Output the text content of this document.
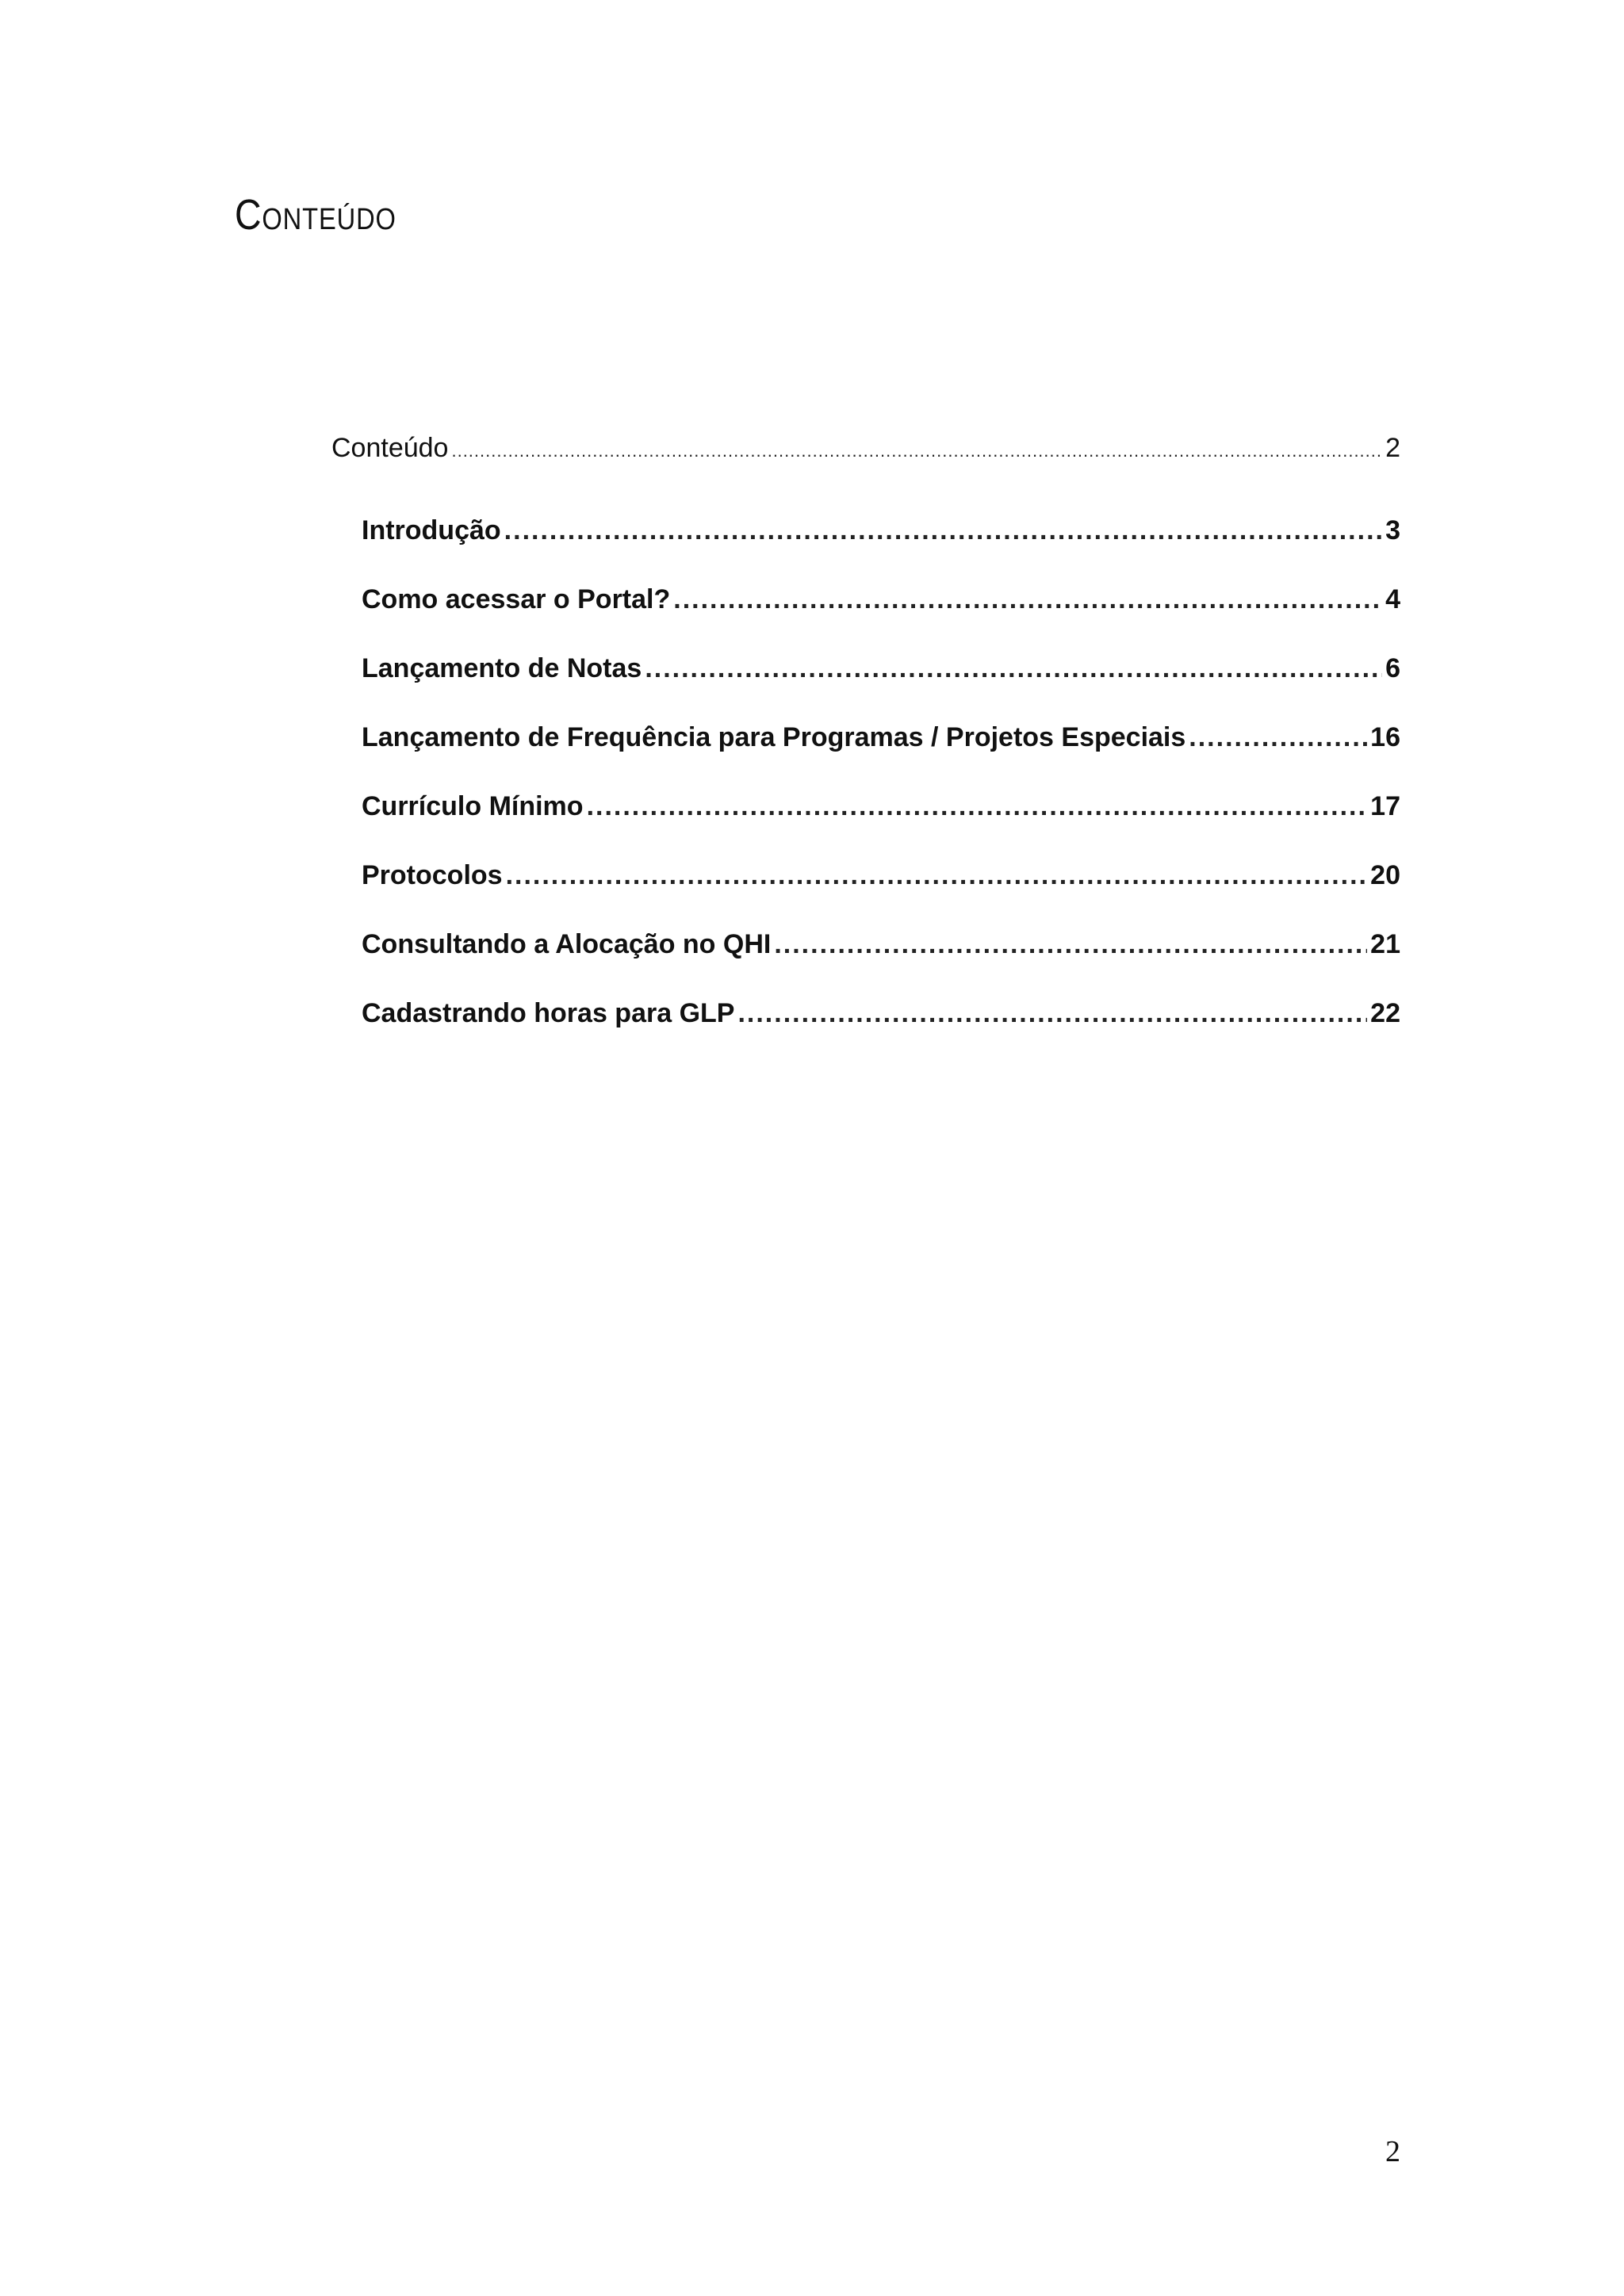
Conteúdo
Conteúdo .....	2
Introdução .....	3
Como acessar o Portal? .....	4
Lançamento de Notas .....	6
Lançamento de Frequência para Programas / Projetos Especiais .....	16
Currículo Mínimo .....	17
Protocolos .....	20
Consultando a Alocação no QHI .....	21
Cadastrando horas para GLP .....	22
2
